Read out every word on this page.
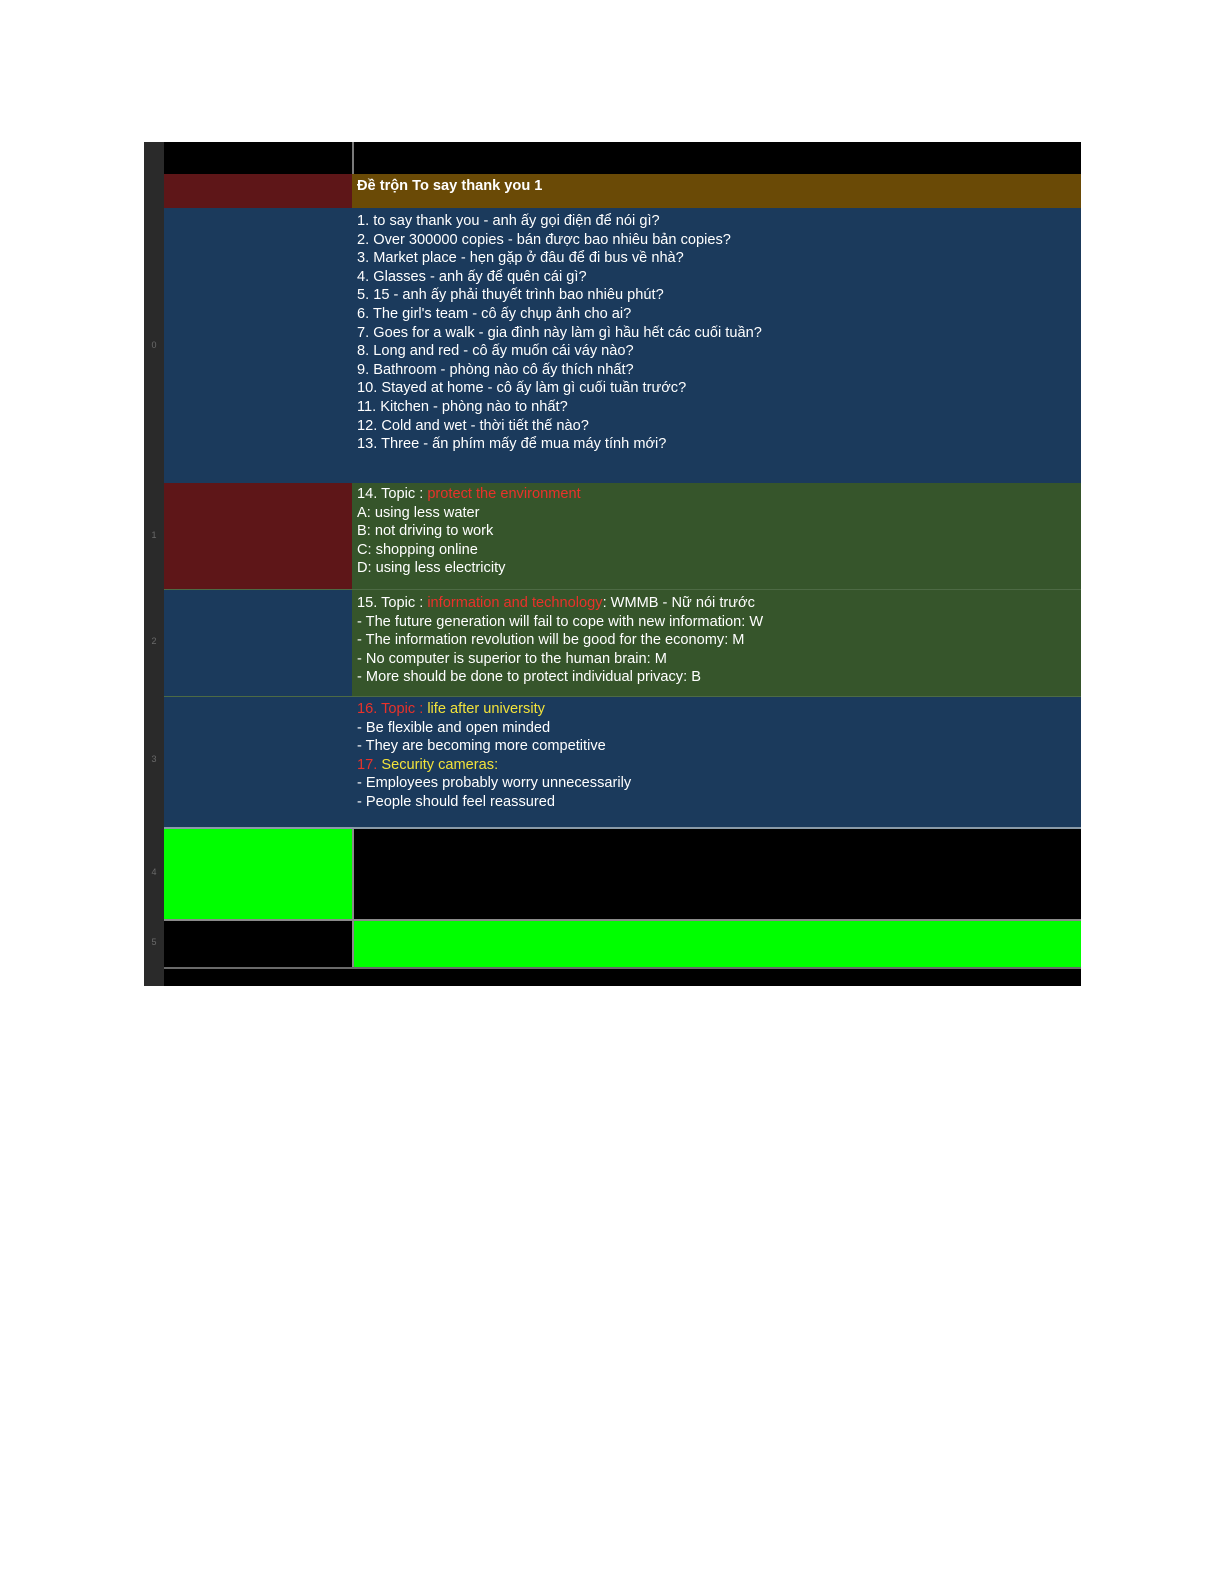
0
1
2
3
4
5
Đề trộn To say thank you 1
1. to say thank you - anh ấy gọi điện để nói gì?
2. Over 300000 copies - bán được bao nhiêu bản copies?
3. Market place - hẹn gặp ở đâu để đi bus về nhà?
4. Glasses - anh ấy để quên cái gì?
5. 15 - anh ấy phải thuyết trình bao nhiêu phút?
6. The girl's team - cô ấy chụp ảnh cho ai?
7. Goes for a walk - gia đình này làm gì hầu hết các cuối tuần?
8. Long and red - cô ấy muốn cái váy nào?
9. Bathroom - phòng nào cô ấy thích nhất?
10. Stayed at home - cô ấy làm gì cuối tuần trước?
11. Kitchen - phòng nào to nhất?
12. Cold and wet - thời tiết thế nào?
13. Three - ấn phím mấy để mua máy tính mới?
14. Topic : protect the environment
A: using less water
B: not driving to work
C: shopping online
D: using less electricity
15. Topic : information and technology: WMMB - Nữ nói trước
- The future generation will fail to cope with new information: W
- The information revolution will be good for the economy: M
- No computer is superior to the human brain: M
- More should be done to protect individual privacy: B
16. Topic : life after university
- Be flexible and open minded
- They are becoming more competitive
17. Security cameras:
- Employees probably worry unnecessarily
- People should feel reassured
